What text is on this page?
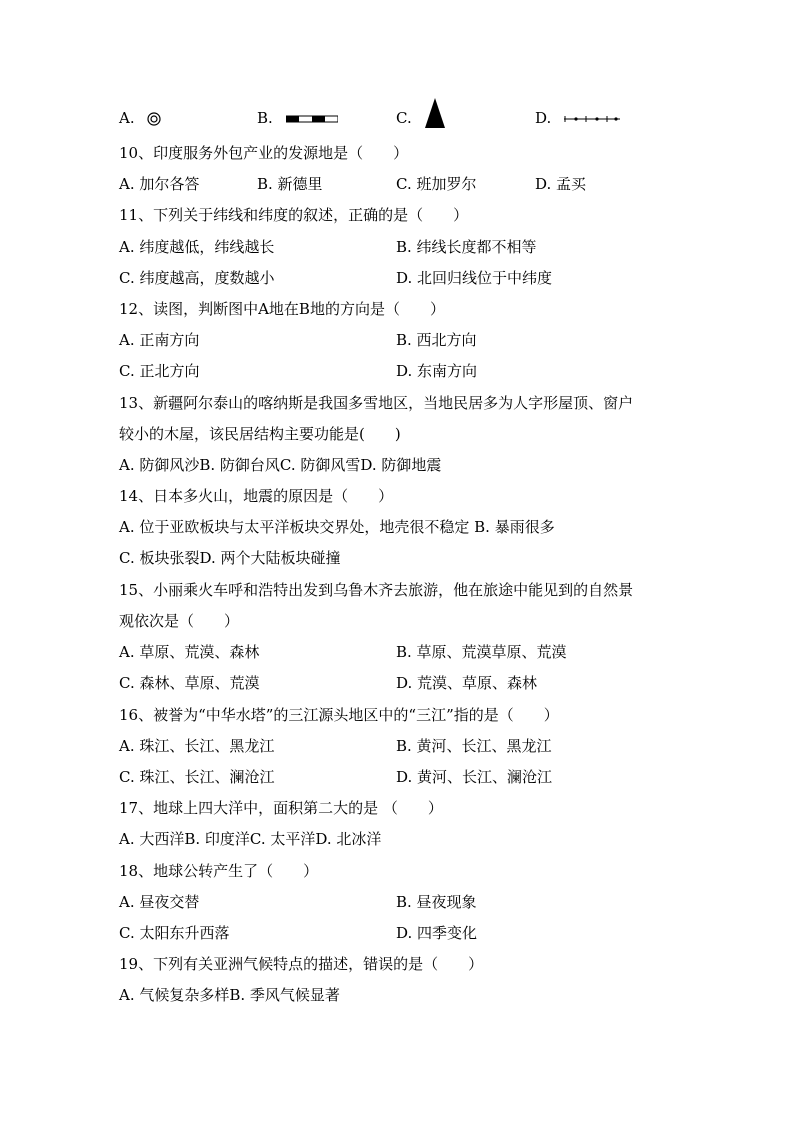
A.	B.	C.	D.
10、印度服务外包产业的发源地是（　　）
A. 加尔各答	B. 新德里	C. 班加罗尔	D. 孟买
11、下列关于纬线和纬度的叙述，正确的是（　　）
A. 纬度越低，纬线越长	B. 纬线长度都不相等
C. 纬度越高，度数越小	D. 北回归线位于中纬度
12、读图，判断图中A地在B地的方向是（　　）
A. 正南方向	B. 西北方向
C. 正北方向	D. 东南方向
13、新疆阿尔泰山的喀纳斯是我国多雪地区，当地民居多为人字形屋顶、窗户
较小的木屋，该民居结构主要功能是(　　)
A. 防御风沙B. 防御台风C. 防御风雪D. 防御地震
14、日本多火山，地震的原因是（　　）
A. 位于亚欧板块与太平洋板块交界处，地壳很不稳定 B. 暴雨很多
C. 板块张裂D. 两个大陆板块碰撞
15、小丽乘火车呼和浩特出发到乌鲁木齐去旅游，他在旅途中能见到的自然景
观依次是（　　）
A. 草原、荒漠、森林	B. 草原、荒漠草原、荒漠
C. 森林、草原、荒漠	D. 荒漠、草原、森林
16、被誉为“中华水塔”的三江源头地区中的“三江”指的是（　　）
A. 珠江、长江、黑龙江	B. 黄河、长江、黑龙江
C. 珠江、长江、澜沧江	D. 黄河、长江、澜沧江
17、地球上四大洋中，面积第二大的是 （　　）
A. 大西洋B. 印度洋C. 太平洋D. 北冰洋
18、地球公转产生了（　　）
A. 昼夜交替	B. 昼夜现象
C. 太阳东升西落	D. 四季变化
19、下列有关亚洲气候特点的描述，错误的是（　　）
A. 气候复杂多样B. 季风气候显著
